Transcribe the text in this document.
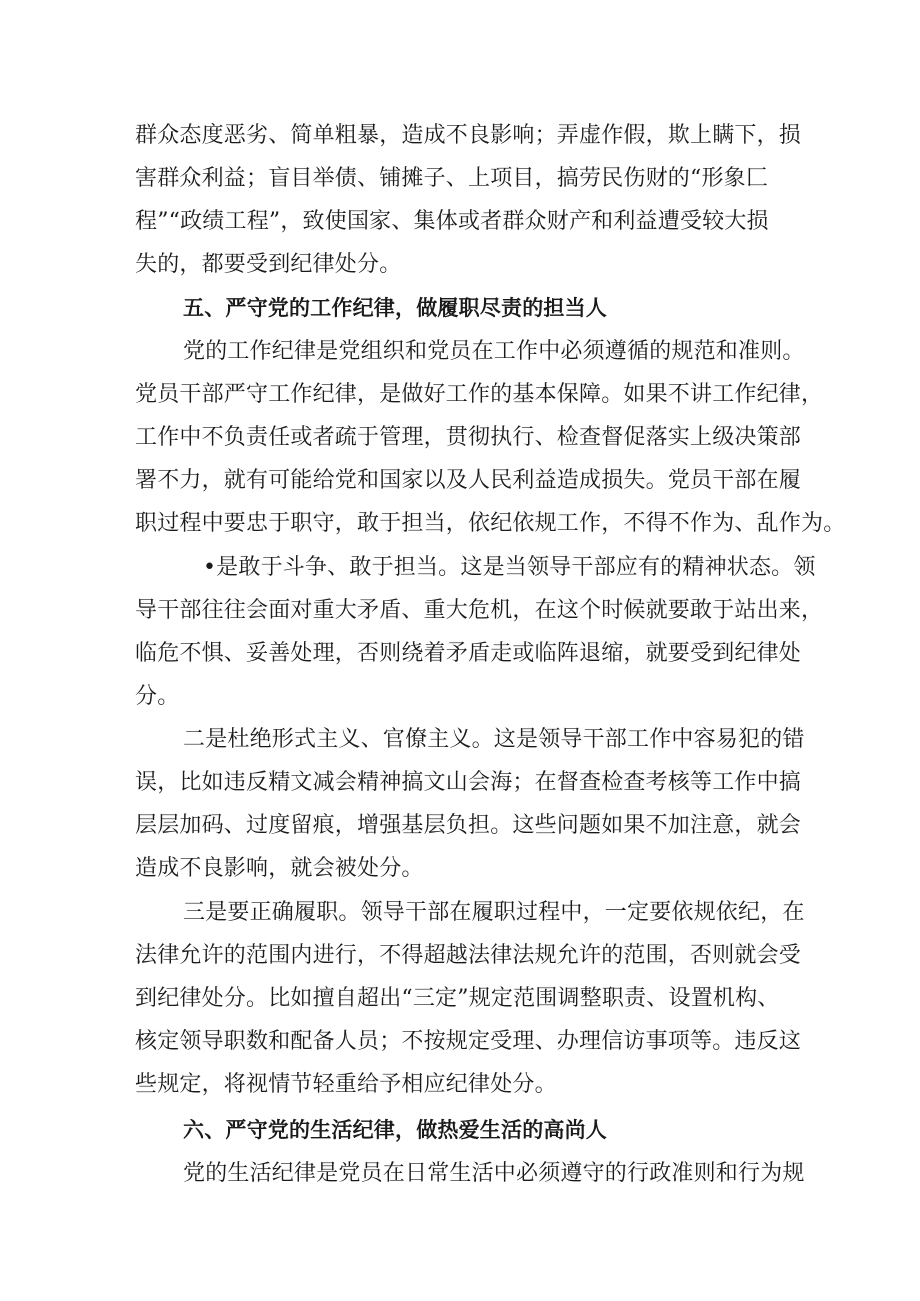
群众态度恶劣、简单粗暴，造成不良影响；弄虚作假，欺上瞒下，损
害群众利益；盲目举债、铺摊子、上项目，搞劳民伤财的“形象匚
程”“政绩工程”，致使国家、集体或者群众财产和利益遭受较大损
失的，都要受到纪律处分。
五、严守党的工作纪律，做履职尽责的担当人
党的工作纪律是党组织和党员在工作中必须遵循的规范和准则。
党员干部严守工作纪律，是做好工作的基本保障。如果不讲工作纪律，
工作中不负责任或者疏于管理，贯彻执行、检查督促落实上级决策部
署不力，就有可能给党和国家以及人民利益造成损失。党员干部在履
职过程中要忠于职守，敢于担当，依纪依规工作，不得不作为、乱作为。
•是敢于斗争、敢于担当。这是当领导干部应有的精神状态。领
导干部往往会面对重大矛盾、重大危机，在这个时候就要敢于站出来，
临危不惧、妥善处理，否则绕着矛盾走或临阵退缩，就要受到纪律处
分。
二是杜绝形式主义、官僚主义。这是领导干部工作中容易犯的错
误，比如违反精文减会精神搞文山会海；在督查检查考核等工作中搞
层层加码、过度留痕，增强基层负担。这些问题如果不加注意，就会
造成不良影响，就会被处分。
三是要正确履职。领导干部在履职过程中，一定要依规依纪，在
法律允许的范围内进行，不得超越法律法规允许的范围，否则就会受
到纪律处分。比如擅自超出“三定”规定范围调整职责、设置机构、
核定领导职数和配备人员；不按规定受理、办理信访事项等。违反这
些规定，将视情节轻重给予相应纪律处分。
六、严守党的生活纪律，做热爱生活的高尚人
党的生活纪律是党员在日常生活中必须遵守的行政准则和行为规
